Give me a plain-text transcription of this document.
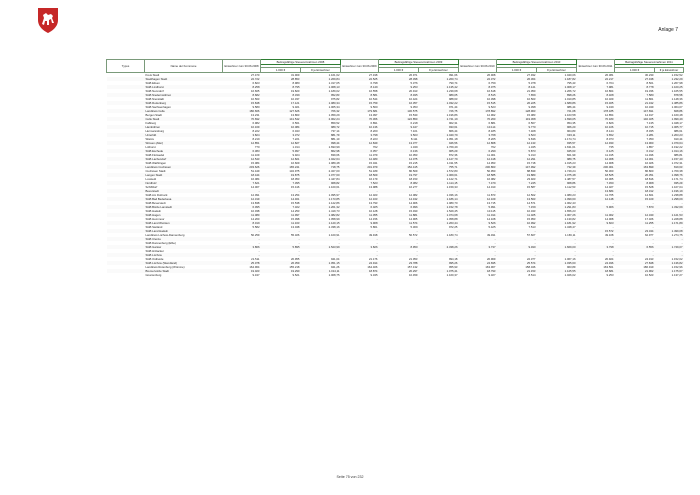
Anlage 7
Typus	Name der Kommune	Einwohner zum 30.06.2008	Beitragsfähige Steuereinnahmen 2008		Einwohner zum 30.06.2009	Beitragsfähige Steuereinnahmen 2009		Einwohner zum 30.06.2010	Beitragsfähige Steuereinnahmen 2010		Einwohner zum 30.06.2011	Beitragsfähige Steuereinnahmen 2011	

			1.000 €	€ je Einwohner		1.000 €	€ je Einwohner		1.000 €	€ je Einwohner		1.000 €	€ je Einwohner
	Kreis Stadt	27.470	31.909	1.161,62	27.198	26.971	991,66	26.908	27.932	1.040,06	26.381	30.230	1.152,52
	Stadthagen Stadt	22.722	28.853	1.269,84	22.525	28.398	1.260,74	22.372	26.364	1.187,82	22.217	27.438	1.232,29
	SGB Eilsen	6.823	8.980	1.317,05	6.798	5.376	790,74	6.759	5.378	795,43	6.704	8.501	1.267,98
	SGB Lindhorst	8.258	8.795	1.068,13	8.149	9.253	1.135,42	8.075	8.141	1.008,17	7.981	8.778	1.100,25
	SGB Nenndorf	16.665	19.820	1.189,02	16.558	20.913	1.239,68	16.618	21.050	1.266,72	16.864	19.336	1.165,55
	SGB Niedernwöhren	8.682	8.339	952,83	8.581	8.495	989,05	8.515	7.659	898,26	8.408	7.580	878,58
	SGB Nienstädt	10.563	10.337	975,82	10.544	10.424	988,63	10.398	10.503	1.010,85	10.329	11.861	1.148,36
	SGB Rodenberg	15.848	17.121	1.080,34	15.759	16.357	1.032,22	15.515	26.225	1.689,86	15.465	21.432	1.385,86
	SGB Sachsenhagen	9.580	9.021	1.005,34	9.560	9.353	971,44	9.523	9.398	986,44	9.439	10.349	1.064,07
	Landkreis Celle	180.666	127.626	706,32	179.681	130.575	726,75	178.892	128.963	721,08	178.185	147.691	828,86
	Bergen Stadt	13.231	13.863	1.059,29	13.097	15.530	1.196,86	12.962	15.083	1.163,58	12.854	14.917	1.160,48
	Celle Stadt	70.692	141.542	2.002,24	70.366	122.850	1.741,19	70.260	119.368	1.699,05	70.180	140.325	1.999,49
	Faßberg	6.982	6.561	859,52	6.891	6.218	902,31	6.881	6.567	954,35	6.826	7.135	1.048,17
	Hambühren	10.169	10.084	989,72	10.136	9.447	933,61	10.114	9.770	966,20	10.106	10.715	1.065,77
	Hermannsburg	8.222	6.043	737,14	8.200	7.101	866,44	8.185	7.408	904,80	8.144	8.035	986,61
	Unterlüß	3.824	3.372	881,79	3.798	3.503	1.040,79	3.768	3.523	933,11	3.652	4.281	1.203,23
	Wietze	8.219	7.221	881,10	8.223	8.111	1.051,18	8.205	9.636	1.174,74	8.073	7.350	910,44
	Winsen (Aller)	12.851	12.827	998,44	12.849	13.377	946,56	12.868	12.133	935,57	12.930	13.960	1.079,64
	Lüthorst	770	1.314	1.693,99	762	1.349	1.769,49	762	1.345	1.631,61	735	1.857	2.192,22
	SGB Eschede	6.383	5.997	862,98	6.357	6.136	965,29	6.299	5.873	945,63	6.125	6.312	1.014,16
	SGB Flotwedel	11.109	9.924	839,66	11.079	10.053	872,36	11.001	9.313	821,99	11.015	11.496	986,81
	SGB Lachendorf	12.543	12.821	1.022,64	12.480	14.075	1.127,79	12.418	12.291	989,75	12.308	14.301	1.157,40
	SGB Wathlingen	15.084	16.609	1.089,48	15.041	15.215	1.011,55	14.953	15.718	1.015,23	14.908	16.026	1.072,31
	Landkreis Cuxhaven	203.626	165.241	718,75	201.979	152.415	755,71	200.863	147.992	732,39	200.001	163.899	819,63
	Cuxhaven Stadt	51.449	132.975	2.327,00	51.189	80.509	1.572,80	50.950	88.839	1.749,24	50.300	86.800	1.709,38
	Langen Stadt	18.444	19.875	1.077,60	18.509	19.797	1.069,61	18.585	19.880	1.075,48	18.525	20.351	1.098,76
	Loxstedt	16.084	18.053	1.447,84	16.179	18.153	1.122,71	16.082	23.923	1.487,57	16.065	18.816	1.171,74
	Nordholz	7.621	7.395	968,82	7.523	8.382	1.114,15	7.479	7.245	968,86	7.450	8.968	935,29
	Schiffdorf	14.007	15.416	1.100,61	13.988	16.277	1.159,33	14.010	15.587	1.112,53	14.027	15.528	1.107,04
	Beverstedt	-	-	-	-	-	-	-	-	-	13.684	18.312	1.196,19
	SGB Am Dobrock	12.091	13.254	1.095,97	12.023	12.082	1.036,16	11.873	12.502	1.080,23	11.765	14.661	1.238,88
	SGB Bad Bederkesa	12.319	14.461	1.173,85	12.163	14.432	1.186,14	12.109	13.563	1.099,60	12.148	15.109	1.298,09
	SGB Beverstedt	13.838	15.538	1.122,86	13.793	14.906	1.080,70	13.715	14.571	1.062,43	-	-	-
	SGB Börde Lamstedt	6.095	7.322	1.201,32	6.025	6.996	1.152,78	5.991	7.159	1.291,83	5.906	7.870	1.332,69
	SGB Hadeln	10.038	14.253	1.419,73	10.128	15.490	1.529,45	10.115	10.343	1.656,23	-	-	-
	SGB Hagen	11.080	11.997	1.082,82	11.055	11.881	1.074,68	11.014	11.025	1.007,26	11.002	12.340	1.121,53
	SGB Hemmoor	14.260	15.098	1.058,99	14.156	14.965	1.058,88	14.108	15.953	1.130,82	14.008	17.326	1.228,88
	SGB Land Wursten	8.019	11.163	1.120,15	9.908	11.574	1.263,44	9.526	10.992	1.181,92	9.603	11.255	1.171,89
	SGB Sietland	5.582	13.048	2.338,16	5.861	5.309	972,25	5.425	7.513	1.348,47	-	-	-
	SGB Land Hadeln	-	-	-	-	-	-	-	-	-	15.572	23.344	1.499,08
	Landkreis Lüchow-Dannenberg	50.259	55.326	1.100,91	49.918	50.572	1.180,74	49.491	57.607	1.166,11	49.108	62.977	1.274,75
	SGB Clenze	-	-	-	-	-	-	-	-	-	-	-	-
	SGB Dannenberg (Elbe)	-	-	-	-	-	-	-	-	-	-	-	-
	SGB Gartow	3.866	5.895	1.523,99	3.826	8.950	2.338,26	3.737	9.490	1.669,00	3.798	6.556	1.749,07
	SGB Hitzacker	-	-	-	-	-	-	-	-	-	-	-	-
	SGB Lüchow	-	-	-	-	-	-	-	-	-	-	-	-
	SGB Ostheide	21.511	20.955	941,04	21.176	21.053	994,18	20.969	22.377	1.067,16	20.924	24.193	1.152,02
	SGB Lüchow (Wendland)	25.078	26.359	1.051,15	24.914	23.788	995,26	24.695	25.574	1.035,60	24.496	27.848	1.136,82
	Landkreis Rotenburg (Wümme)	164.964	155.218	941,26	164.406	157.132	955,93	163.967	158.046	963,89	163.561	186.919	1.152,96
	Bremervörde Stadt	19.023	19.290	1.014,11	18.874	20.297	1.075,41	18.793	21.153	1.125,55	18.681	21.962	1.175,67
	Gnarrenburg	9.437	9.521	1.008,75	9.345	10.459	1.160,37	9.327	8.514	1.026,02	9.253	10.523	1.137,27
Seite 75 von 232
